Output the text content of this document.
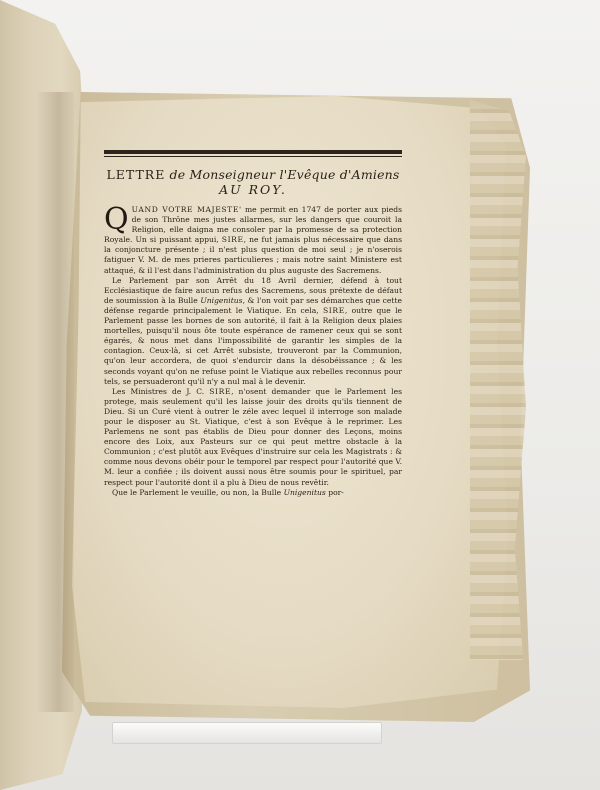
LETTRE de Monseigneur l'Evêque d'Amiens

AU ROY.

Q UAND VOTRE MAJESTE' me permit en 1747 de porter aux pieds de son Thrône mes justes allarmes, sur les dangers que couroit la Religion, elle daigna me consoler par la promesse de sa protection Royale. Un si puissant appui, SIRE, ne fut jamais plus nécessaire que dans la conjoncture présente ; il n'est plus question de moi seul ; je n'oserois fatiguer V. M. de mes prieres particulieres ; mais notre saint Ministere est attaqué, & il l'est dans l'administration du plus auguste des Sacremens.

Le Parlement par son Arrêt du 18 Avril dernier, défend à tout Ecclésiastique de faire aucun refus des Sacremens, sous prétexte de défaut de soumission à la Bulle Unigenitus, & l'on voit par ses démarches que cette défense regarde principalement le Viatique. En cela, SIRE, outre que le Parlement passe les bornes de son autorité, il fait à la Religion deux plaies mortelles, puisqu'il nous ôte toute espérance de ramener ceux qui se sont égarés, & nous met dans l'impossibilité de garantir les simples de la contagion. Ceux-là, si cet Arrêt subsiste, trouveront par la Communion, qu'on leur accordera, de quoi s'endurcir dans la désobéissance ; & les seconds voyant qu'on ne refuse point le Viatique aux rebelles reconnus pour tels, se persuaderont qu'il n'y a nul mal à le devenir.

Les Ministres de J. C. SIRE, n'osent demander que le Parlement les protege, mais seulement qu'il les laisse jouir des droits qu'ils tiennent de Dieu. Si un Curé vient à outrer le zéle avec lequel il interroge son malade pour le disposer au St. Viatique, c'est à son Evêque à le reprimer. Les Parlemens ne sont pas établis de Dieu pour donner des Leçons, moins encore des Loix, aux Pasteurs sur ce qui peut mettre obstacle à la Communion ; c'est plutôt aux Evêques d'instruire sur cela les Magistrats : & comme nous devons obéir pour le temporel par respect pour l'autorité que V. M. leur a confiée ; ils doivent aussi nous être soumis pour le spirituel, par respect pour l'autorité dont il a plu à Dieu de nous revêtir.

Que le Parlement le veuille, ou non, la Bulle Unigenitus por-
